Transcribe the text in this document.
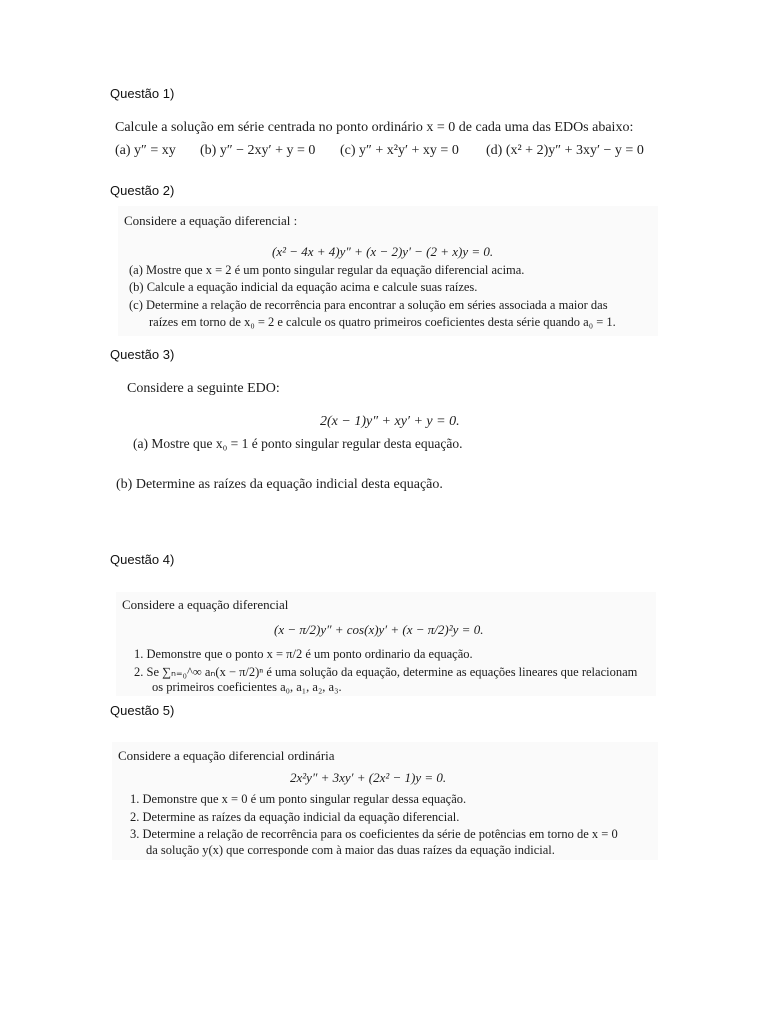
Questão 1)
Calcule a solução em série centrada no ponto ordinário x = 0 de cada uma das EDOs abaixo:
(a) y″ = xy (b) y″ − 2xy′ + y = 0 (c) y″ + x²y′ + xy = 0 (d) (x² + 2)y″ + 3xy′ − y = 0
Questão 2)
Considere a equação diferencial :
(x² − 4x + 4)y″ + (x − 2)y′ − (2 + x)y = 0.
(a) Mostre que x = 2 é um ponto singular regular da equação diferencial acima.
(b) Calcule a equação indicial da equação acima e calcule suas raízes.
(c) Determine a relação de recorrência para encontrar a solução em séries associada a maior das
raízes em torno de x₀ = 2 e calcule os quatro primeiros coeficientes desta série quando a₀ = 1.
Questão 3)
Considere a seguinte EDO:
2(x − 1)y″ + xy′ + y = 0.
(a) Mostre que x₀ = 1 é ponto singular regular desta equação.
(b) Determine as raízes da equação indicial desta equação.
Questão 4)
Considere a equação diferencial
(x − π/2)y″ + cos(x)y′ + (x − π/2)²y = 0.
1. Demonstre que o ponto x = π/2 é um ponto ordinario da equação.
2. Se ∑ₙ₌₀^∞ aₙ(x − π/2)ⁿ é uma solução da equação, determine as equações lineares que relacionam
os primeiros coeficientes a₀, a₁, a₂, a₃.
Questão 5)
Considere a equação diferencial ordinária
2x²y″ + 3xy′ + (2x² − 1)y = 0.
1. Demonstre que x = 0 é um ponto singular regular dessa equação.
2. Determine as raízes da equação indicial da equação diferencial.
3. Determine a relação de recorrência para os coeficientes da série de potências em torno de x = 0
da solução y(x) que corresponde com à maior das duas raízes da equação indicial.
